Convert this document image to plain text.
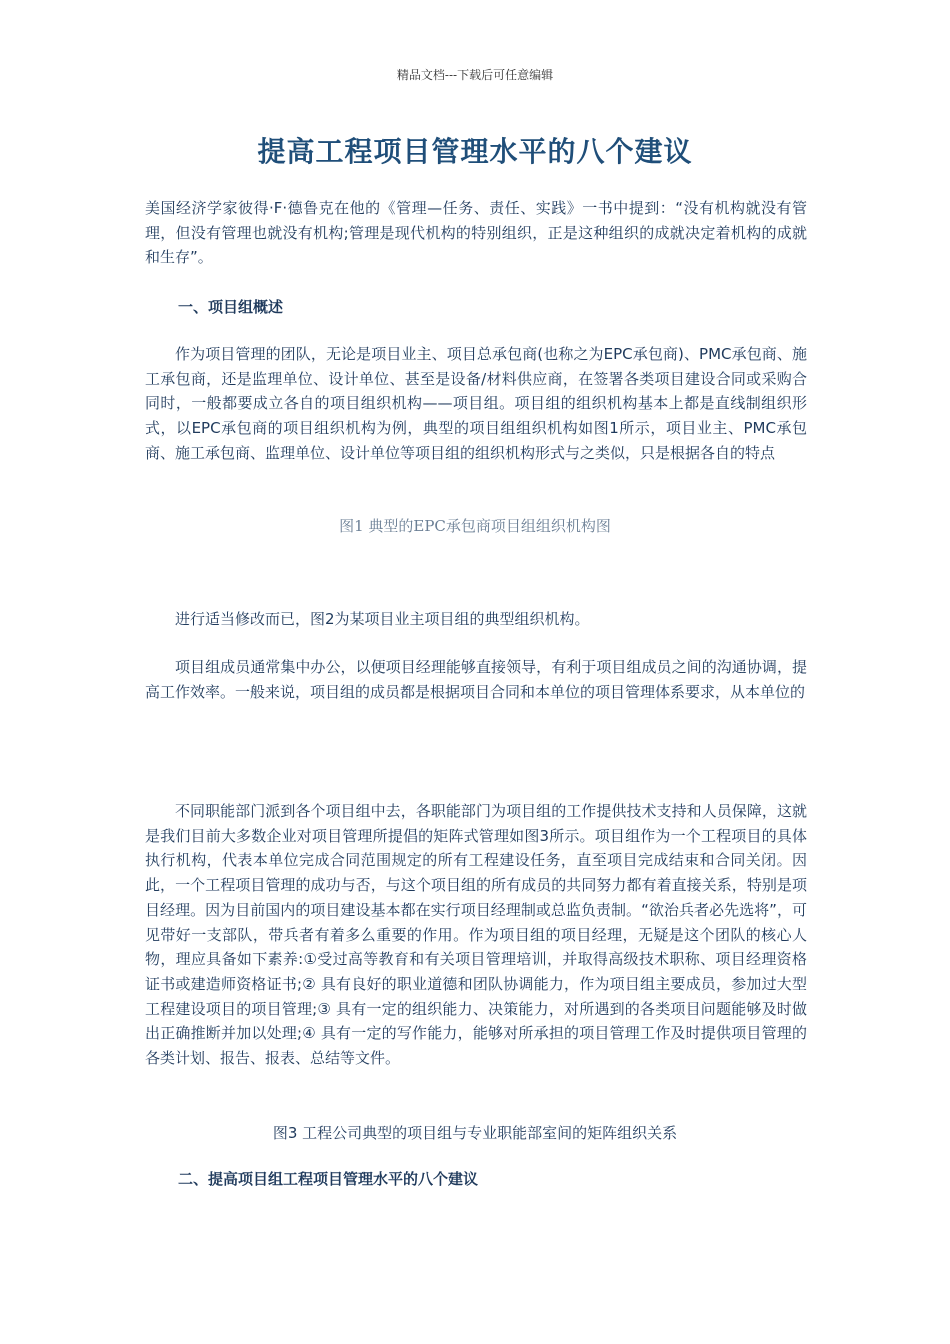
精品文档---下载后可任意编辑
提高工程项目管理水平的八个建议

美国经济学家彼得·F·德鲁克在他的《管理—任务、责任、实践》一书中提到：“没有机构就没有管理，但没有管理也就没有机构;管理是现代机构的特别组织，正是这种组织的成就决定着机构的成就和生存”。

一、项目组概述

作为项目管理的团队，无论是项目业主、项目总承包商(也称之为EPC承包商)、PMC承包商、施工承包商，还是监理单位、设计单位、甚至是设备/材料供应商，在签署各类项目建设合同或采购合同时，一般都要成立各自的项目组织机构——项目组。项目组的组织机构基本上都是直线制组织形式，以EPC承包商的项目组织机构为例，典型的项目组组织机构如图1所示，项目业主、PMC承包商、施工承包商、监理单位、设计单位等项目组的组织机构形式与之类似，只是根据各自的特点

图1 典型的EPC承包商项目组组织机构图

进行适当修改而已，图2为某项目业主项目组的典型组织机构。

项目组成员通常集中办公，以便项目经理能够直接领导，有利于项目组成员之间的沟通协调，提高工作效率。一般来说，项目组的成员都是根据项目合同和本单位的项目管理体系要求，从本单位的

不同职能部门派到各个项目组中去，各职能部门为项目组的工作提供技术支持和人员保障，这就是我们目前大多数企业对项目管理所提倡的矩阵式管理如图3所示。项目组作为一个工程项目的具体执行机构，代表本单位完成合同范围规定的所有工程建设任务，直至项目完成结束和合同关闭。因此，一个工程项目管理的成功与否，与这个项目组的所有成员的共同努力都有着直接关系，特别是项目经理。因为目前国内的项目建设基本都在实行项目经理制或总监负责制。“欲治兵者必先选将”，可见带好一支部队，带兵者有着多么重要的作用。作为项目组的项目经理，无疑是这个团队的核心人物，理应具备如下素养:①受过高等教育和有关项目管理培训，并取得高级技术职称、项目经理资格证书或建造师资格证书;② 具有良好的职业道德和团队协调能力，作为项目组主要成员，参加过大型工程建设项目的项目管理;③ 具有一定的组织能力、决策能力，对所遇到的各类项目问题能够及时做出正确推断并加以处理;④ 具有一定的写作能力，能够对所承担的项目管理工作及时提供项目管理的各类计划、报告、报表、总结等文件。

图3 工程公司典型的项目组与专业职能部室间的矩阵组织关系
二、提高项目组工程项目管理水平的八个建议
